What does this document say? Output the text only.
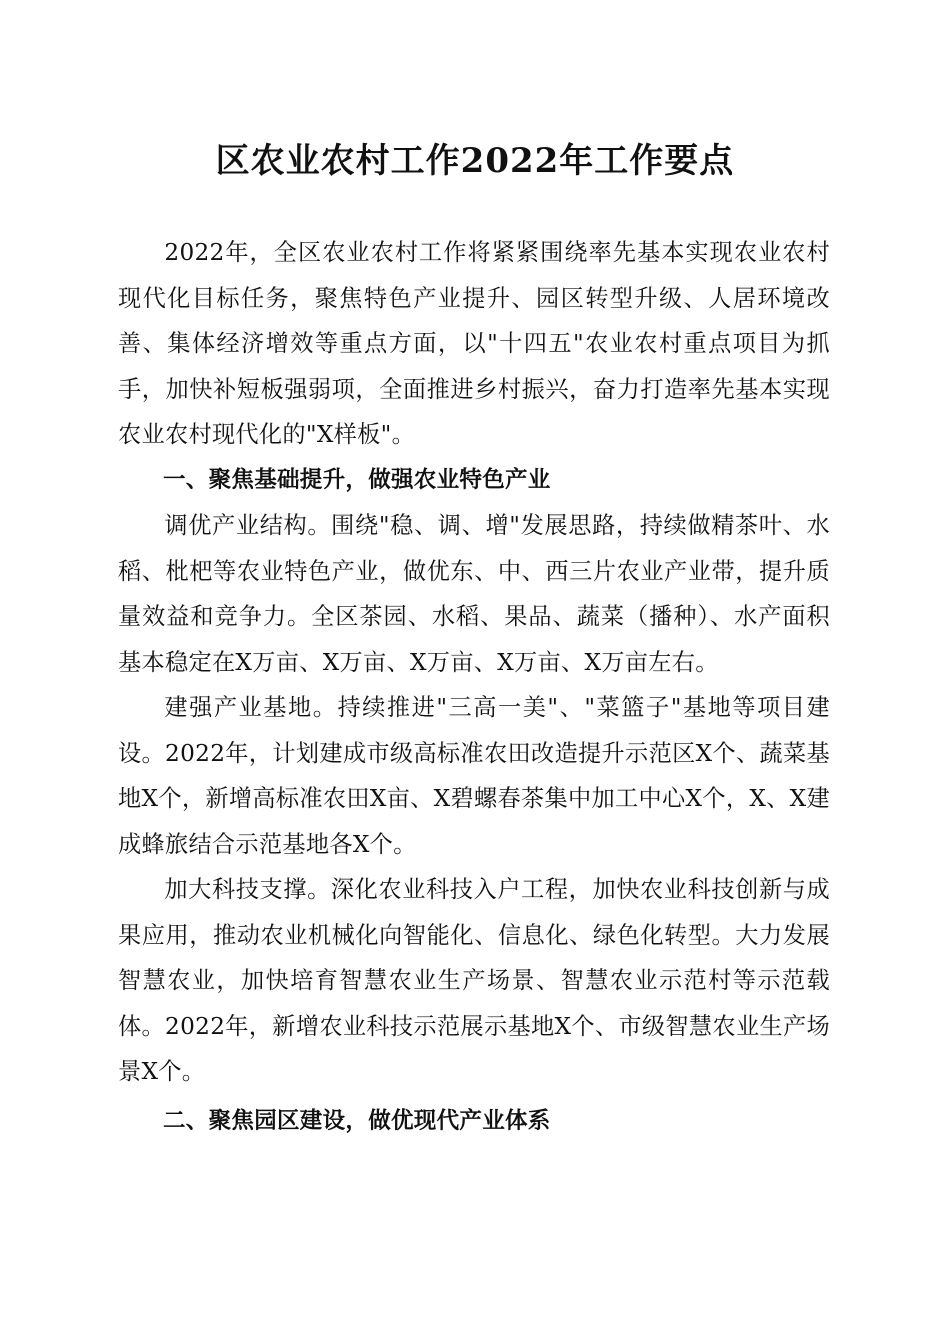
区农业农村工作2022年工作要点

2022年，全区农业农村工作将紧紧围绕率先基本实现农业农村现代化目标任务，聚焦特色产业提升、园区转型升级、人居环境改善、集体经济增效等重点方面，以"十四五"农业农村重点项目为抓手，加快补短板强弱项，全面推进乡村振兴，奋力打造率先基本实现农业农村现代化的"X样板"。

一、聚焦基础提升，做强农业特色产业

调优产业结构。围绕"稳、调、增"发展思路，持续做精茶叶、水稻、枇杷等农业特色产业，做优东、中、西三片农业产业带，提升质量效益和竞争力。全区茶园、水稻、果品、蔬菜（播种）、水产面积基本稳定在X万亩、X万亩、X万亩、X万亩、X万亩左右。

建强产业基地。持续推进"三高一美"、"菜篮子"基地等项目建设。2022年，计划建成市级高标准农田改造提升示范区X个、蔬菜基地X个，新增高标准农田X亩、X碧螺春茶集中加工中心X个，X、X建成蜂旅结合示范基地各X个。

加大科技支撑。深化农业科技入户工程，加快农业科技创新与成果应用，推动农业机械化向智能化、信息化、绿色化转型。大力发展智慧农业，加快培育智慧农业生产场景、智慧农业示范村等示范载体。2022年，新增农业科技示范展示基地X个、市级智慧农业生产场景X个。

二、聚焦园区建设，做优现代产业体系
